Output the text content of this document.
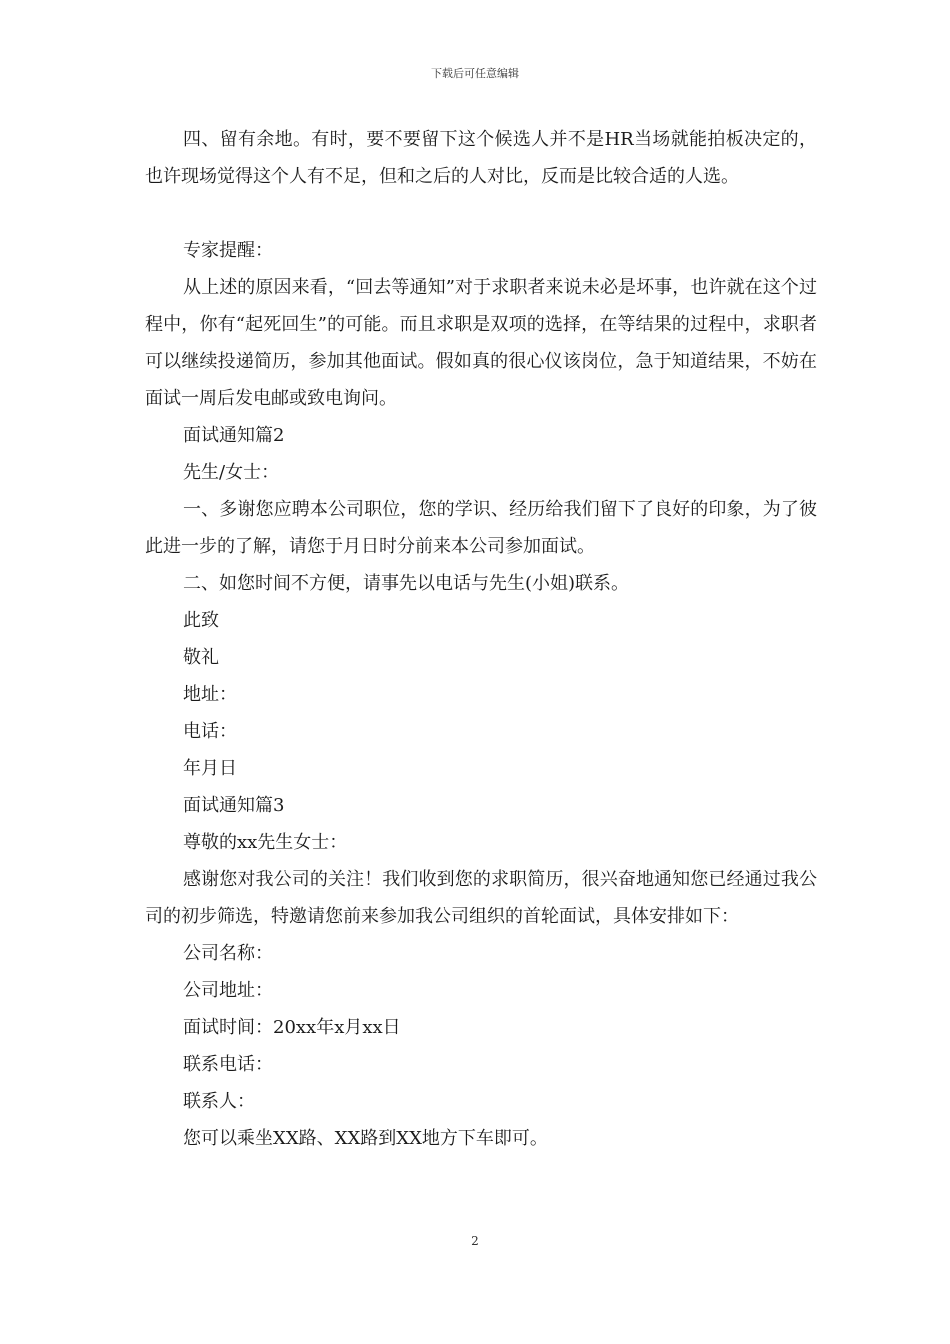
下载后可任意编辑

四、留有余地。有时，要不要留下这个候选人并不是HR当场就能拍板决定的，也许现场觉得这个人有不足，但和之后的人对比，反而是比较合适的人选。

专家提醒：

从上述的原因来看，“回去等通知”对于求职者来说未必是坏事，也许就在这个过程中，你有“起死回生”的可能。而且求职是双项的选择，在等结果的过程中，求职者可以继续投递简历，参加其他面试。假如真的很心仪该岗位，急于知道结果，不妨在面试一周后发电邮或致电询问。

面试通知篇2

先生/女士：

一、多谢您应聘本公司职位，您的学识、经历给我们留下了良好的印象，为了彼此进一步的了解，请您于月日时分前来本公司参加面试。

二、如您时间不方便，请事先以电话与先生(小姐)联系。

此致

敬礼

地址：

电话：

年月日

面试通知篇3

尊敬的xx先生女士：

感谢您对我公司的关注！我们收到您的求职简历，很兴奋地通知您已经通过我公司的初步筛选，特邀请您前来参加我公司组织的首轮面试，具体安排如下：

公司名称：

公司地址：

面试时间：20xx年x月xx日

联系电话：

联系人：

您可以乘坐XX路、XX路到XX地方下车即可。

2
